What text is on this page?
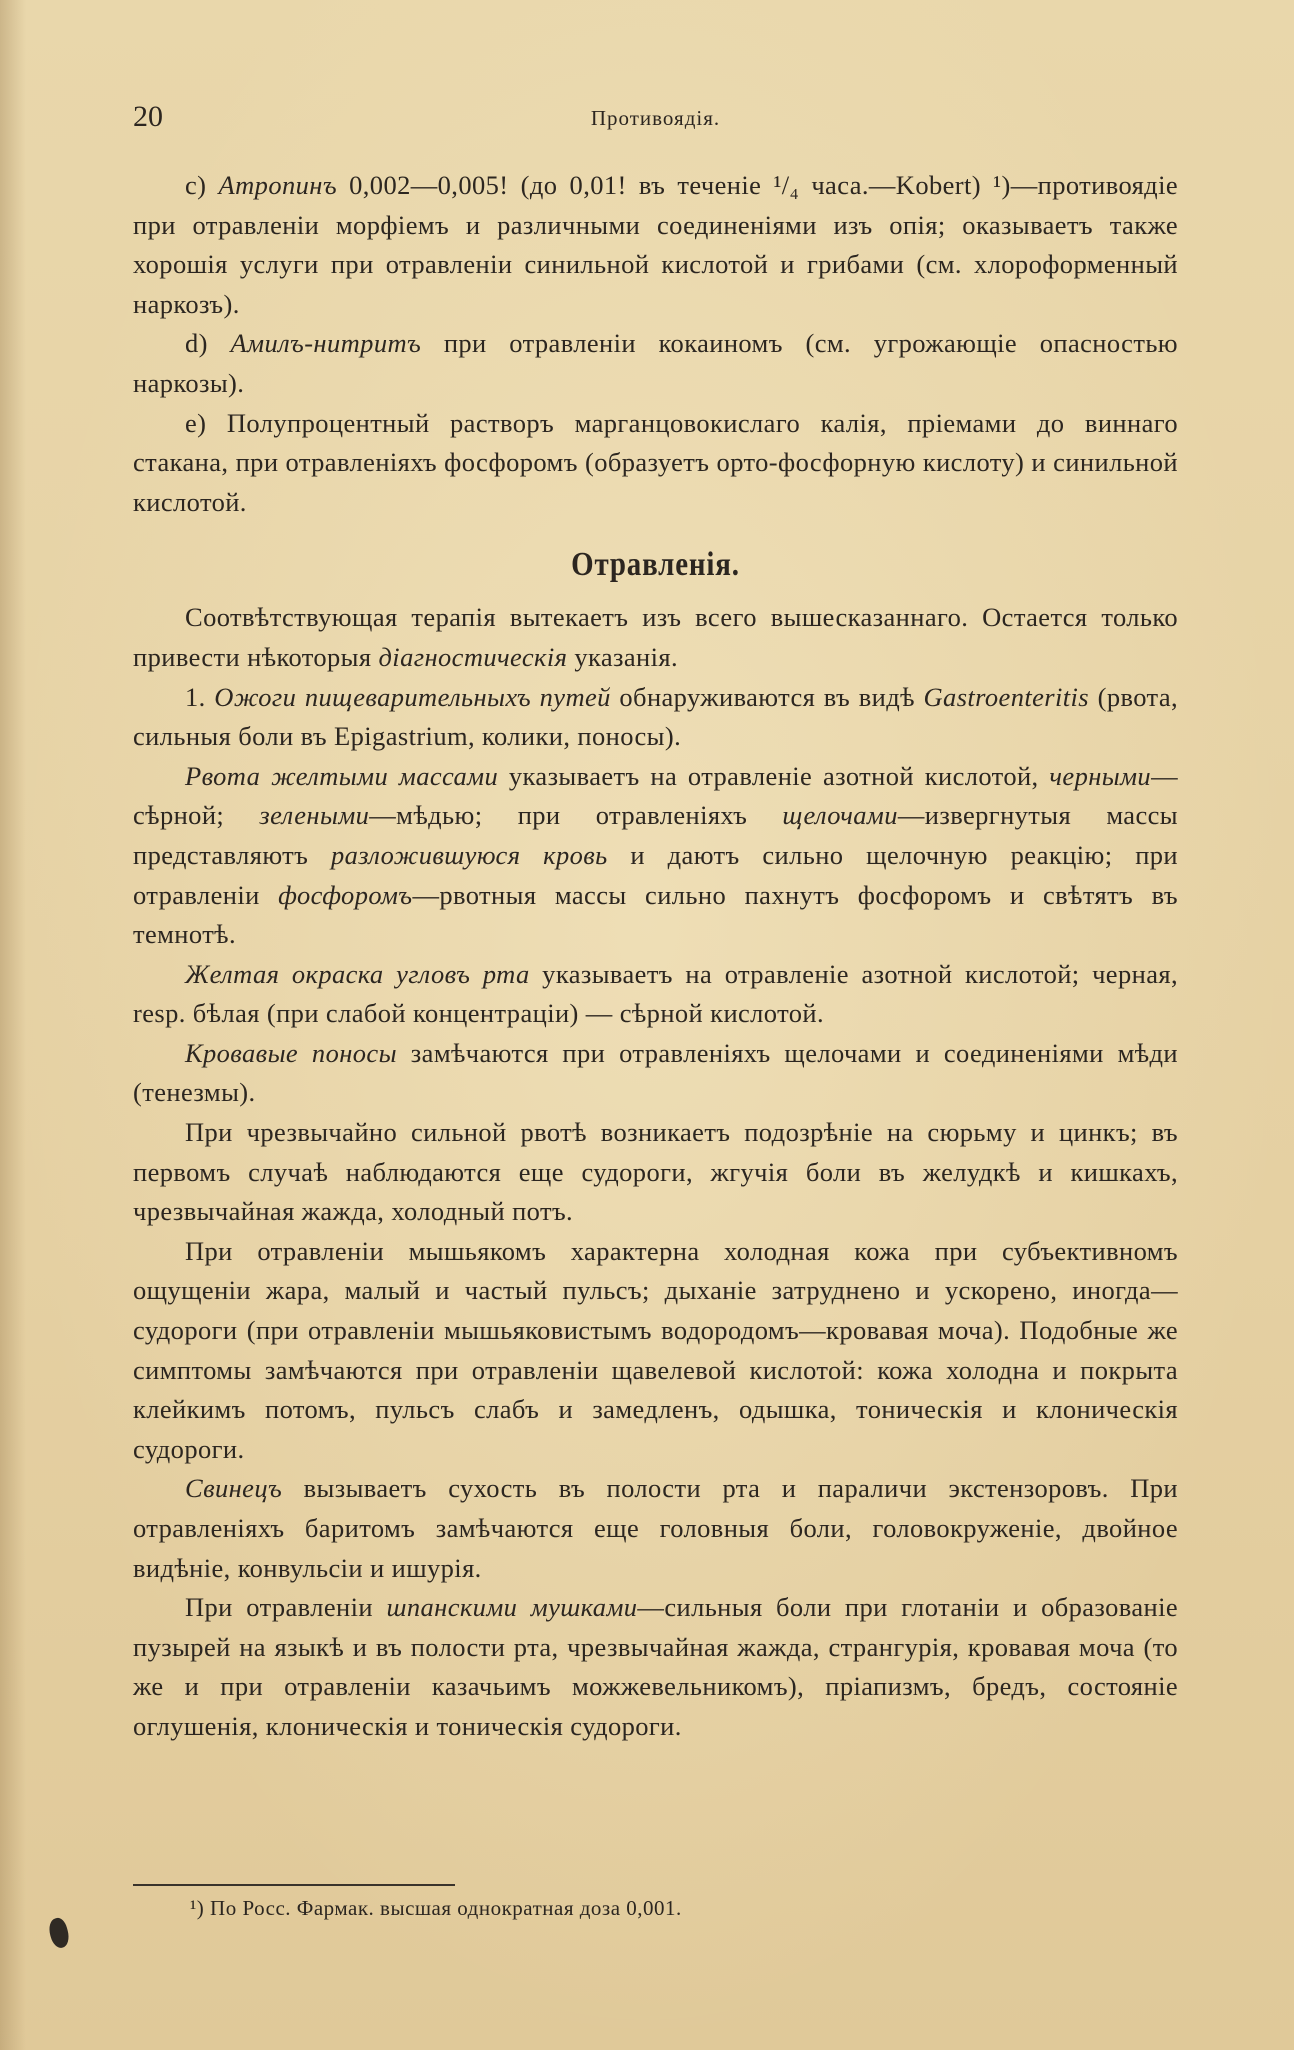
20	Противоядія.

c) Атропинъ 0,002—0,005! (до 0,01! въ теченіе ¹/₄ часа.—Kobert) ¹)—противоядіе при отравленіи морфіемъ и различными соединеніями изъ опія; оказываетъ также хорошія услуги при отравленіи синильной кислотой и грибами (см. хлороформенный наркозъ).

d) Амилъ-нитритъ при отравленіи кокаиномъ (см. угрожающіе опасностью наркозы).

e) Полупроцентный растворъ марганцовокислаго калія, пріемами до виннаго стакана, при отравленіяхъ фосфоромъ (образуетъ орто-фосфорную кислоту) и синильной кислотой.

Отравленія.

Соотвѣтствующая терапія вытекаетъ изъ всего вышесказаннаго. Остается только привести нѣкоторыя діагностическія указанія.

1. Ожоги пищеварительныхъ путей обнаруживаются въ видѣ Gastroenteritis (рвота, сильныя боли въ Epigastrium, колики, поносы).

Рвота желтыми массами указываетъ на отравленіе азотной кислотой, черными—сѣрной; зелеными—мѣдью; при отравленіяхъ щелочами—извергнутыя массы представляютъ разложившуюся кровь и даютъ сильно щелочную реакцію; при отравленіи фосфоромъ—рвотныя массы сильно пахнутъ фосфоромъ и свѣтятъ въ темнотѣ.

Желтая окраска угловъ рта указываетъ на отравленіе азотной кислотой; черная, resp. бѣлая (при слабой концентраціи) — сѣрной кислотой.

Кровавые поносы замѣчаются при отравленіяхъ щелочами и соединеніями мѣди (тенезмы).

При чрезвычайно сильной рвотѣ возникаетъ подозрѣніе на сюрьму и цинкъ; въ первомъ случаѣ наблюдаются еще судороги, жгучія боли въ желудкѣ и кишкахъ, чрезвычайная жажда, холодный потъ.

При отравленіи мышьякомъ характерна холодная кожа при субъективномъ ощущеніи жара, малый и частый пульсъ; дыханіе затруднено и ускорено, иногда—судороги (при отравленіи мышьяковистымъ водородомъ—кровавая моча). Подобные же симптомы замѣчаются при отравленіи щавелевой кислотой: кожа холодна и покрыта клейкимъ потомъ, пульсъ слабъ и замедленъ, одышка, тоническія и клоническія судороги.

Свинецъ вызываетъ сухость въ полости рта и параличи экстензоровъ. При отравленіяхъ баритомъ замѣчаются еще головныя боли, головокруженіе, двойное видѣніе, конвульсіи и ишурія.

При отравленіи шпанскими мушками—сильныя боли при глотаніи и образованіе пузырей на языкѣ и въ полости рта, чрезвычайная жажда, странгурія, кровавая моча (то же и при отравленіи казачьимъ можжевельникомъ), пріапизмъ, бредъ, состояніе оглушенія, клоническія и тоническія судороги.

¹) По Росс. Фармак. высшая однократная доза 0,001.
